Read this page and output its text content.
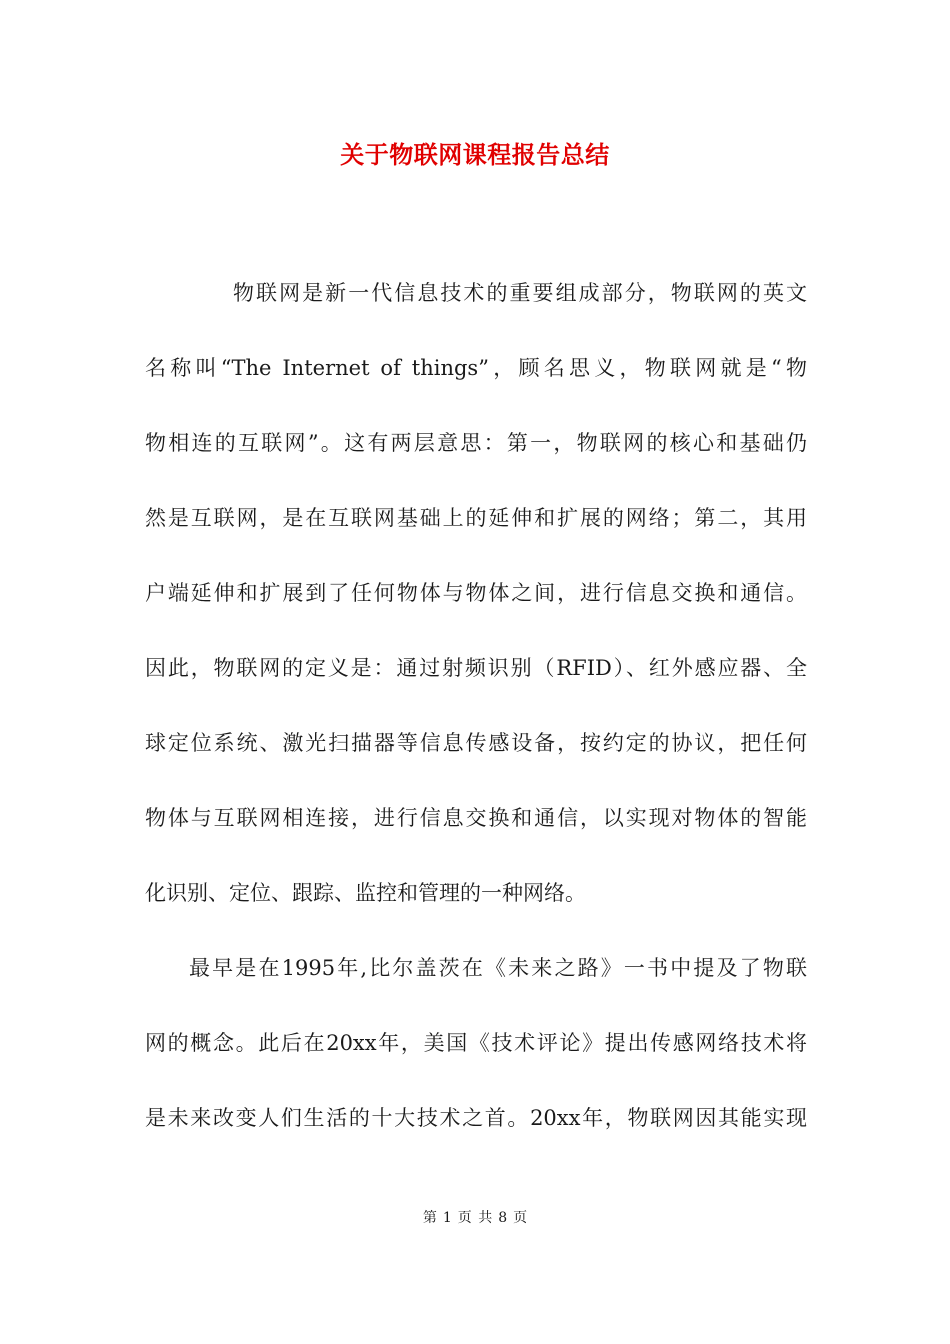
关于物联网课程报告总结
物联网是新一代信息技术的重要组成部分，物联网的英文
名称叫“The Internet of things”，顾名思义，物联网就是“物
物相连的互联网”。这有两层意思：第一，物联网的核心和基础仍
然是互联网，是在互联网基础上的延伸和扩展的网络；第二，其用
户端延伸和扩展到了任何物体与物体之间，进行信息交换和通信。
因此，物联网的定义是：通过射频识别（RFID）、红外感应器、全
球定位系统、激光扫描器等信息传感设备，按约定的协议，把任何
物体与互联网相连接，进行信息交换和通信，以实现对物体的智能
化识别、定位、跟踪、监控和管理的一种网络。
最早是在1995年,比尔盖茨在《未来之路》一书中提及了物联
网的概念。此后在20xx年，美国《技术评论》提出传感网络技术将
是未来改变人们生活的十大技术之首。20xx年，物联网因其能实现
第 1 页 共 8 页
